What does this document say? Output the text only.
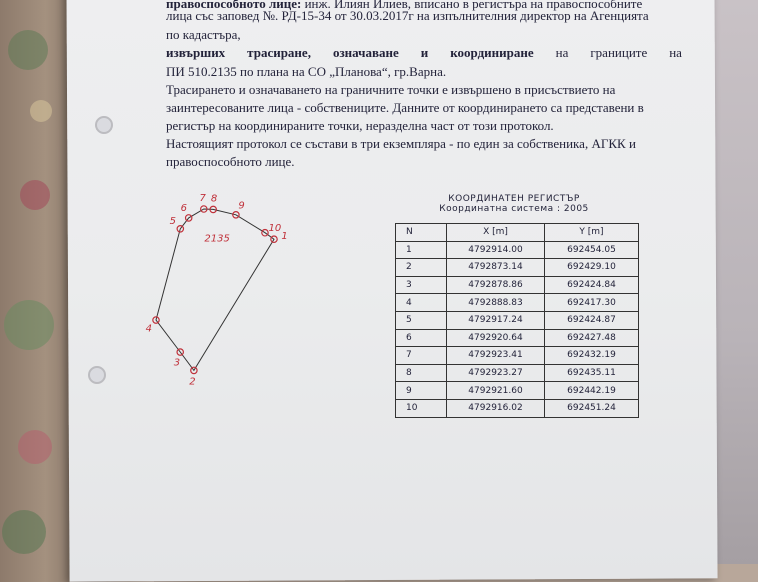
правоспособното лице: инж. Илиян Илиев, вписано в регистъра на правоспособните
лица със заповед №. РД-15-34 от 30.03.2017г на изпълнителния директор на Агенцията
по кадастъра,
извърших трасиране, означаване и координиране на границите на
ПИ 510.2135 по плана на СО „Планова“, гр.Варна.
Трасирането и означаването на граничните точки е извършено в присъствието на
заинтересованите лица - собствениците. Данните от координирането са представени в
регистър на координираните точки, неразделна част от този протокол.
Настоящият протокол се състави в три екземпляра - по един за собственика, АГКК и
правоспособното лице.
1
2
3
4
5
6
7 8
9
10
2135
КООРДИНАТЕН РЕГИСТЪР
Координатна система : 2005
N	X [m]	Y [m]
1	4792914.00	692454.05
2	4792873.14	692429.10
3	4792878.86	692424.84
4	4792888.83	692417.30
5	4792917.24	692424.87
6	4792920.64	692427.48
7	4792923.41	692432.19
8	4792923.27	692435.11
9	4792921.60	692442.19
10	4792916.02	692451.24
